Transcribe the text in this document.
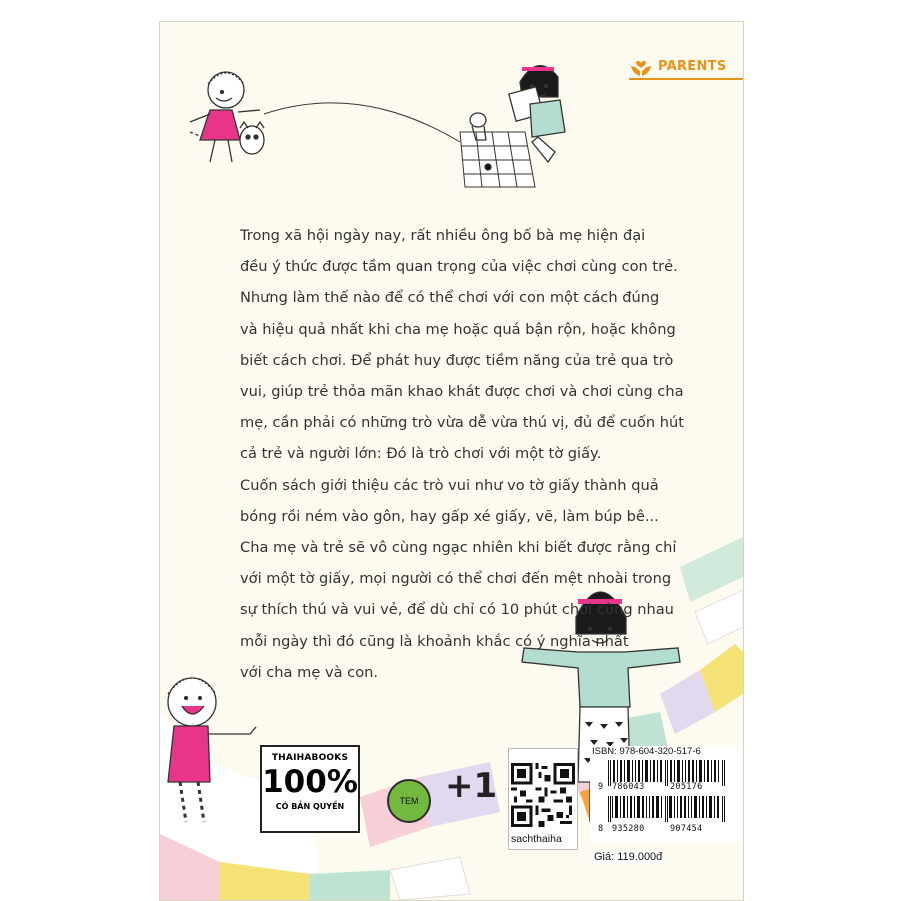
PARENTS

Trong xã hội ngày nay, rất nhiều ông bố bà mẹ hiện đại
đều ý thức được tầm quan trọng của việc chơi cùng con trẻ.
Nhưng làm thế nào để có thể chơi với con một cách đúng
và hiệu quả nhất khi cha mẹ hoặc quá bận rộn, hoặc không
biết cách chơi. Để phát huy được tiềm năng của trẻ qua trò
vui, giúp trẻ thỏa mãn khao khát được chơi và chơi cùng cha
mẹ, cần phải có những trò vừa dễ vừa thú vị, đủ để cuốn hút
cả trẻ và người lớn: Đó là trò chơi với một tờ giấy.
Cuốn sách giới thiệu các trò vui như vo tờ giấy thành quả
bóng rồi ném vào gôn, hay gấp xé giấy, vẽ, làm búp bê...
Cha mẹ và trẻ sẽ vô cùng ngạc nhiên khi biết được rằng chỉ
với một tờ giấy, mọi người có thể chơi đến mệt nhoài trong
sự thích thú và vui vẻ, để dù chỉ có 10 phút chơi cùng nhau
mỗi ngày thì đó cũng là khoảnh khắc có ý nghĩa nhất
với cha mẹ và con.

THAIHABOOKS
100%
CÓ BẢN QUYỀN
TEM +1
sachthaiha
ISBN: 978-604-320-517-6
9 786043	205176
8 935280	907454
Giá: 119.000đ
